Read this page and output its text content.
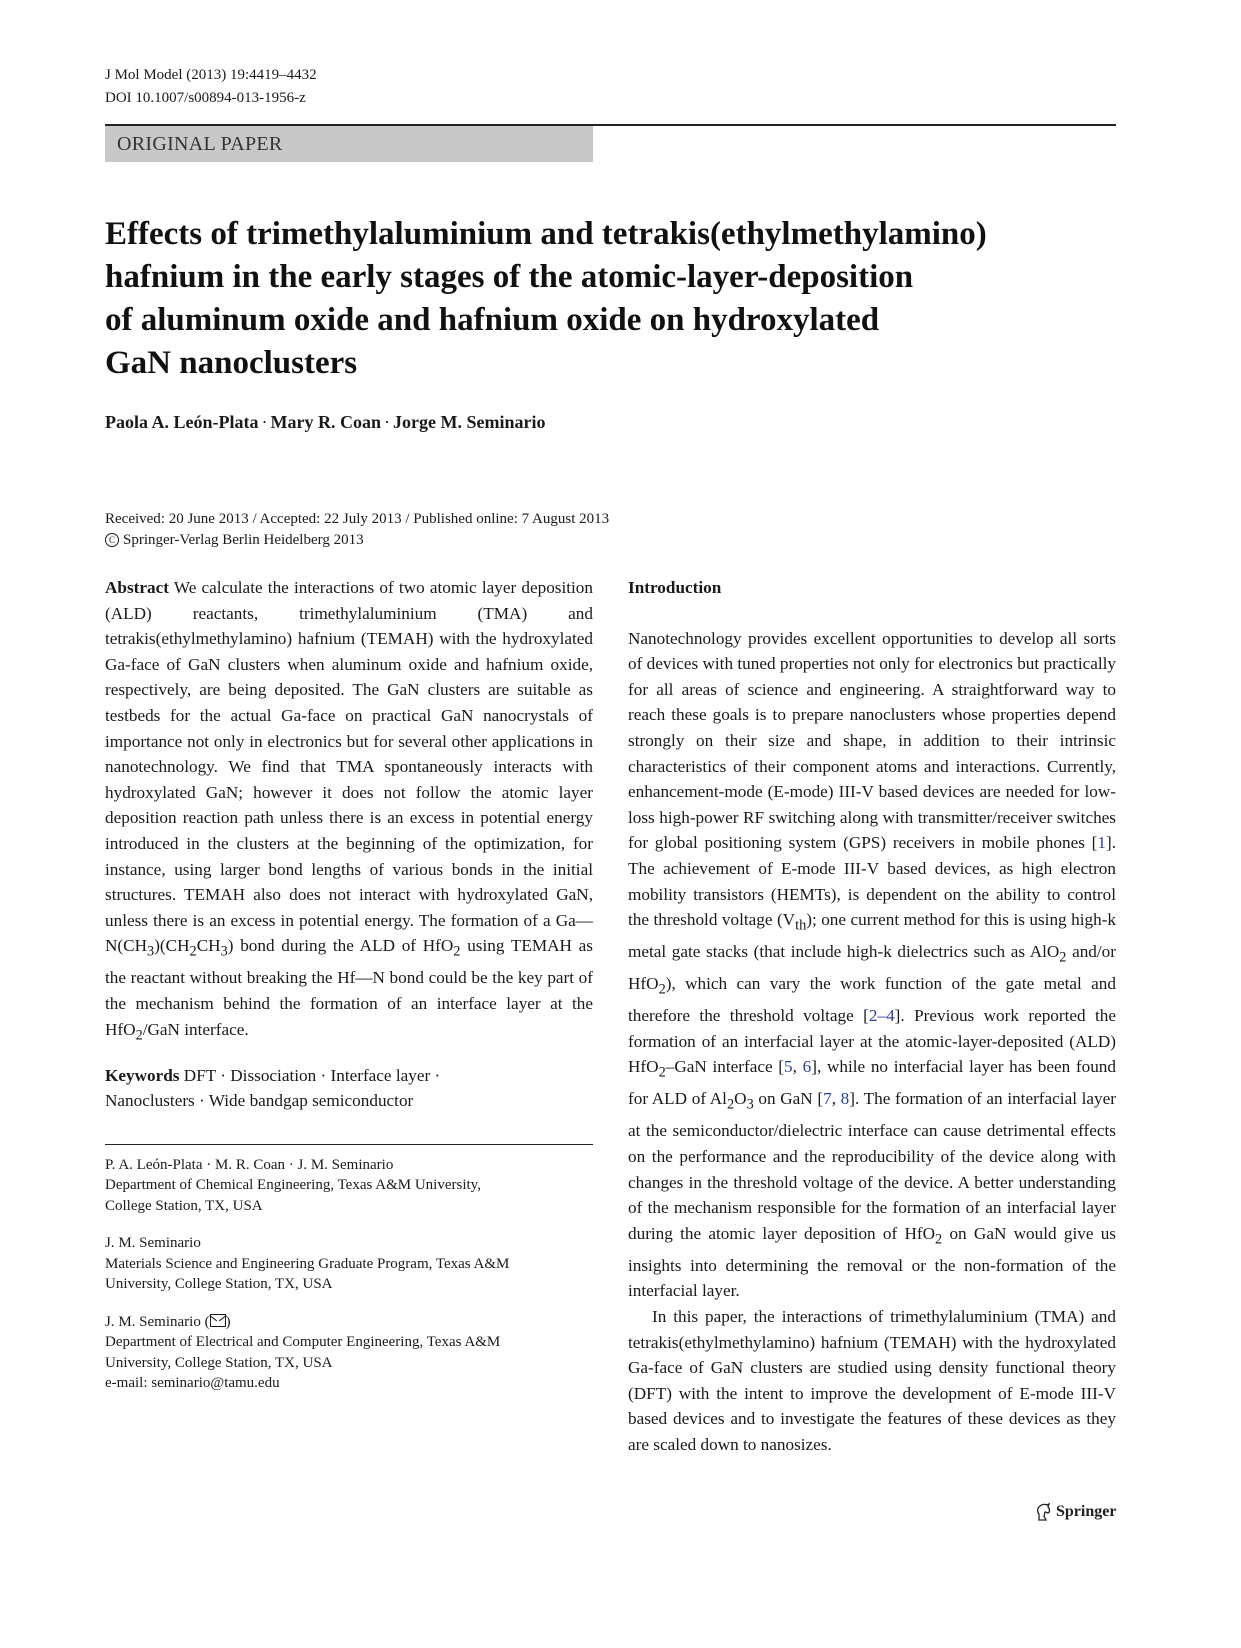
J Mol Model (2013) 19:4419–4432
DOI 10.1007/s00894-013-1956-z
ORIGINAL PAPER
Effects of trimethylaluminium and tetrakis(ethylmethylamino)
hafnium in the early stages of the atomic-layer-deposition
of aluminum oxide and hafnium oxide on hydroxylated
GaN nanoclusters
Paola A. León-Plata · Mary R. Coan · Jorge M. Seminario
Received: 20 June 2013 / Accepted: 22 July 2013 / Published online: 7 August 2013
C Springer-Verlag Berlin Heidelberg 2013

Abstract We calculate the interactions of two atomic layer deposition (ALD) reactants, trimethylaluminium (TMA) and tetrakis(ethylmethylamino) hafnium (TEMAH) with the hydroxylated Ga-face of GaN clusters when aluminum oxide and hafnium oxide, respectively, are being deposited. The GaN clusters are suitable as testbeds for the actual Ga-face on practical GaN nanocrystals of importance not only in electronics but for several other applications in nanotechnology. We find that TMA spontaneously interacts with hydroxylated GaN; however it does not follow the atomic layer deposition reaction path unless there is an excess in potential energy introduced in the clusters at the beginning of the optimization, for instance, using larger bond lengths of various bonds in the initial structures. TEMAH also does not interact with hydroxylated GaN, unless there is an excess in potential energy. The formation of a $Ga—N(CH_3)(CH_2CH_3)$ bond during the ALD of HfO$_2$ using TEMAH as the reactant without breaking the Hf—N bond could be the key part of the mechanism behind the formation of an interface layer at the HfO$_2$/GaN interface.

Keywords DFT · Dissociation · Interface layer ·
Nanoclusters · Wide bandgap semiconductor

P. A. León-Plata · M. R. Coan · J. M. Seminario
Department of Chemical Engineering, Texas A&M University,
College Station, TX, USA

J. M. Seminario
Materials Science and Engineering Graduate Program, Texas A&M
University, College Station, TX, USA

J. M. Seminario ( )
Department of Electrical and Computer Engineering, Texas A&M
University, College Station, TX, USA
e-mail: seminario@tamu.edu

Introduction

Nanotechnology provides excellent opportunities to develop all sorts of devices with tuned properties not only for electronics but practically for all areas of science and engineering. A straightforward way to reach these goals is to prepare nanoclusters whose properties depend strongly on their size and shape, in addition to their intrinsic characteristics of their component atoms and interactions. Currently, enhancement-mode (E-mode) III-V based devices are needed for low-loss high-power RF switching along with transmitter/receiver switches for global positioning system (GPS) receivers in mobile phones [1]. The achievement of E-mode III-V based devices, as high electron mobility transistors (HEMTs), is dependent on the ability to control the threshold voltage $(V_{th})$; one current method for this is using high-k metal gate stacks (that include high-k dielectrics such as AlO$_2$ and/or HfO$_2$), which can vary the work function of the gate metal and therefore the threshold voltage [2–4]. Previous work reported the formation of an interfacial layer at the atomic-layer-deposited (ALD) HfO$_2$–GaN interface [5, 6], while no interfacial layer has been found for ALD of $Al_2O_3$ on GaN [7, 8]. The formation of an interfacial layer at the semiconductor/dielectric interface can cause detrimental effects on the performance and the reproducibility of the device along with changes in the threshold voltage of the device. A better understanding of the mechanism responsible for the formation of an interfacial layer during the atomic layer deposition of HfO$_2$ on GaN would give us insights into determining the removal or the non-formation of the interfacial layer.

In this paper, the interactions of trimethylaluminium (TMA) and tetrakis(ethylmethylamino) hafnium (TEMAH) with the hydroxylated Ga-face of GaN clusters are studied using density functional theory (DFT) with the intent to improve the development of E-mode III-V based devices and to investigate the features of these devices as they are scaled down to nanosizes.

Springer
